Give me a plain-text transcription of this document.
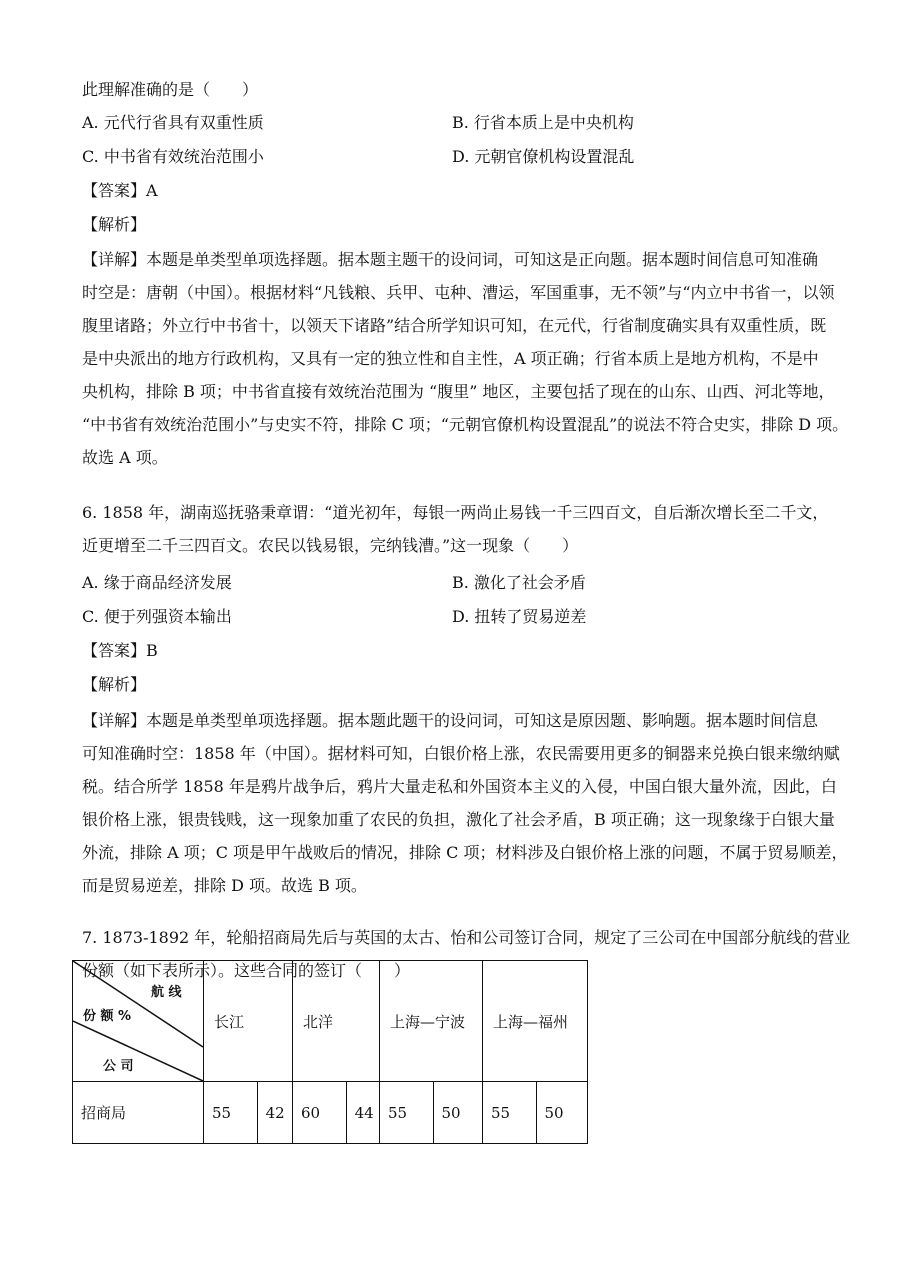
此理解准确的是（　　）
A. 元代行省具有双重性质	B. 行省本质上是中央机构
C. 中书省有效统治范围小	D. 元朝官僚机构设置混乱
【答案】A
【解析】
【详解】本题是单类型单项选择题。据本题主题干的设问词，可知这是正向题。据本题时间信息可知准确
时空是：唐朝（中国）。根据材料“凡钱粮、兵甲、屯种、漕运，军国重事，无不领”与“内立中书省一，以领
腹里诸路；外立行中书省十，以领天下诸路”结合所学知识可知，在元代，行省制度确实具有双重性质，既
是中央派出的地方行政机构，又具有一定的独立性和自主性，A 项正确；行省本质上是地方机构，不是中
央机构，排除 B 项；中书省直接有效统治范围为 “腹里” 地区，主要包括了现在的山东、山西、河北等地，
“中书省有效统治范围小”与史实不符，排除 C 项；“元朝官僚机构设置混乱”的说法不符合史实，排除 D 项。
故选 A 项。
6. 1858 年，湖南巡抚骆秉章谓：“道光初年，每银一两尚止易钱一千三四百文，自后渐次增长至二千文，
近更增至二千三四百文。农民以钱易银，完纳钱漕。”这一现象（　　）
A. 缘于商品经济发展	B. 激化了社会矛盾
C. 便于列强资本输出	D. 扭转了贸易逆差
【答案】B
【解析】
【详解】本题是单类型单项选择题。据本题此题干的设问词，可知这是原因题、影响题。据本题时间信息
可知准确时空：1858 年（中国）。据材料可知，白银价格上涨，农民需要用更多的铜器来兑换白银来缴纳赋
税。结合所学 1858 年是鸦片战争后，鸦片大量走私和外国资本主义的入侵，中国白银大量外流，因此，白
银价格上涨，银贵钱贱，这一现象加重了农民的负担，激化了社会矛盾，B 项正确；这一现象缘于白银大量
外流，排除 A 项；C 项是甲午战败后的情况，排除 C 项；材料涉及白银价格上涨的问题，不属于贸易顺差，
而是贸易逆差，排除 D 项。故选 B 项。
7. 1873-1892 年，轮船招商局先后与英国的太古、怡和公司签订合同，规定了三公司在中国部分航线的营业
份额（如下表所示）。这些合同的签订（　　）
航 线
份 额 %
公 司	长江		北洋		上海—宁波		上海—福州	
招商局	55	42	60	44	55	50	55	50
